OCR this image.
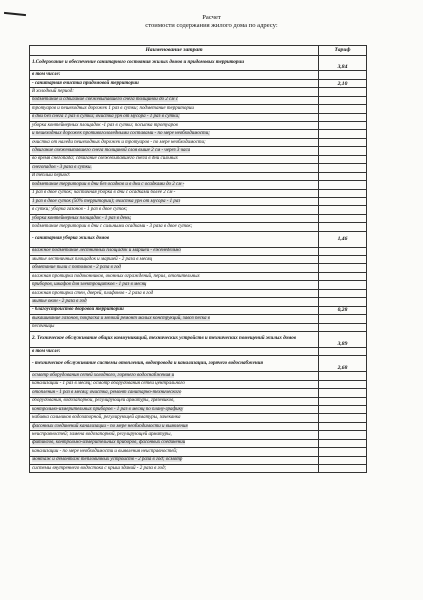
Расчет
стоимости содержания жилого дома по адресу:
Наименование затрат	Тариф
1.Содержание и обеспечение санитарного состояния жилых домов и придомовых территории	3,84
в том числе:	
- санитарная очистка придомовой территории	2,10
В холодный период:	
подметание и сдвигание свежевыпавшего снега толщиной до 2 см с	
тротуаров и пешеходных дорожек 1 раз в сутки; подметание территории	
в дни без снега 1 раз в сутки; очистка урн от мусора - 1 раз в сутки;	
уборка контейнерных площадок -1 раз в сутки; посыпка тротуаров	
и пешеходных дорожек противогололедными составами - по мере необходимости;	
очистка от наледи пешеходных дорожек и тротуаров - по мере необходимости;	
сдвигание свежевыпавшего снега толщиной слоя выше 2 см - через 3 часа	
во время снегопада; сдвигание свежевыпавшего снега в дни сильных	
снегопадов - 3 раза в сутки.	
В теплый период:	
подметание территории в дни без осадков и в дни с осадками до 2 см -	
1 раз в двое суток; частичная уборка в дни с осадками более 2 см -	
1 раз в двое суток (50% территории); очистка урн от мусора - 1 раз	
в сутки; уборка газонов - 1 раз в двое суток;	
уборка контейнерных площадок - 1 раз в день;	
подметание территории в дни с сильными осадками - 3 раза в двое суток;	
- санитарная уборка жилых домов	1,46
влажное подметание лестничных площадок и маршей - еженедельно	
мытье лестничных площадок и маршей - 2 раза в месяц	
обметание пыли с потолков - 2 раза в год	
влажная протирка подоконников, оконных ограждений, перил, отопительных	
приборов, шкафов для электрощитков - 1 раз в месяц	
влажная протирка стен, дверей, плафонов - 2 раза в год	
мытье окон - 2 раза в год	
- благоустройство дворовой территории	0,28
выкашивание газонов, покраска и мелкий ремонт малых конструкций, завоз песка в	
песочницы	
2. Техническое обслуживание общих коммуникаций, технических устройств и технических помещений жилых домов	3,89
в том числе:	
- техническое обслуживание системы отопления, водопровода и канализации, горячего водоснабжения	2,68
осмотр оборудования сетей холодного, горячего водоснабжения и	
канализации - 1 раз в месяц; осмотр оборудования сетей центрального	
отопления - 1 раз в месяц; очистка, ремонт санитарно-технического	
оборудования, водозапорной, регулирующей арматуры, грязевиков,	
контрольно-измерительных приборов - 1 раз в месяц по плану-графику	
набивка сальников водозапорной, регулирующей арматуры, зачеканка	
фасонных соединений канализации - по мере необходимости и выявления	
неисправностей; замена водозапорной, регулирующей арматуры,	
фитингов, контрольно-измерительных приборов, фасонных соединений	
канализации - по мере необходимости и выявления неисправностей;	
монтаж и демонтаж тепловичных устройств - 2 раза в год; осмотр	
системы внутреннего водостока с крыш зданий - 2 раза в год;	
